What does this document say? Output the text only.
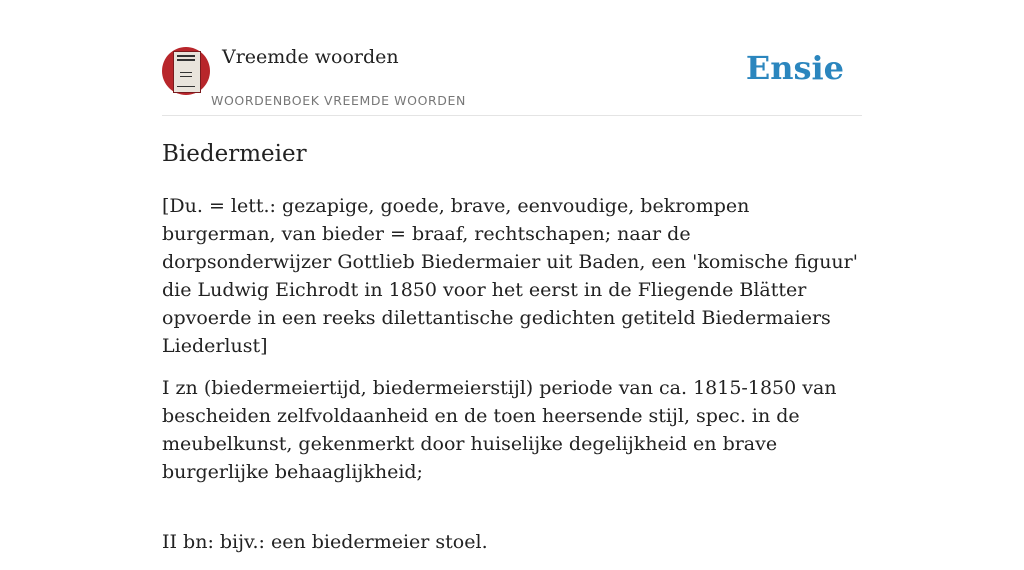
Vreemde woorden
WOORDENBOEK VREEMDE WOORDEN
Ensie
Biedermeier

[Du. = lett.: gezapige, goede, brave, eenvoudige, bekrompen burgerman, van bieder = braaf, rechtschapen; naar de dorpsonderwijzer Gottlieb Biedermaier uit Baden, een 'komische figuur' die Ludwig Eichrodt in 1850 voor het eerst in de Fliegende Blätter opvoerde in een reeks dilettantische gedichten getiteld Biedermaiers Liederlust]

I zn (biedermeiertijd, biedermeierstijl) periode van ca. 1815-1850 van bescheiden zelfvoldaanheid en de toen heersende stijl, spec. in de meubelkunst, gekenmerkt door huiselijke degelijkheid en brave burgerlijke behaaglijkheid;

II bn: bijv.: een biedermeier stoel.
